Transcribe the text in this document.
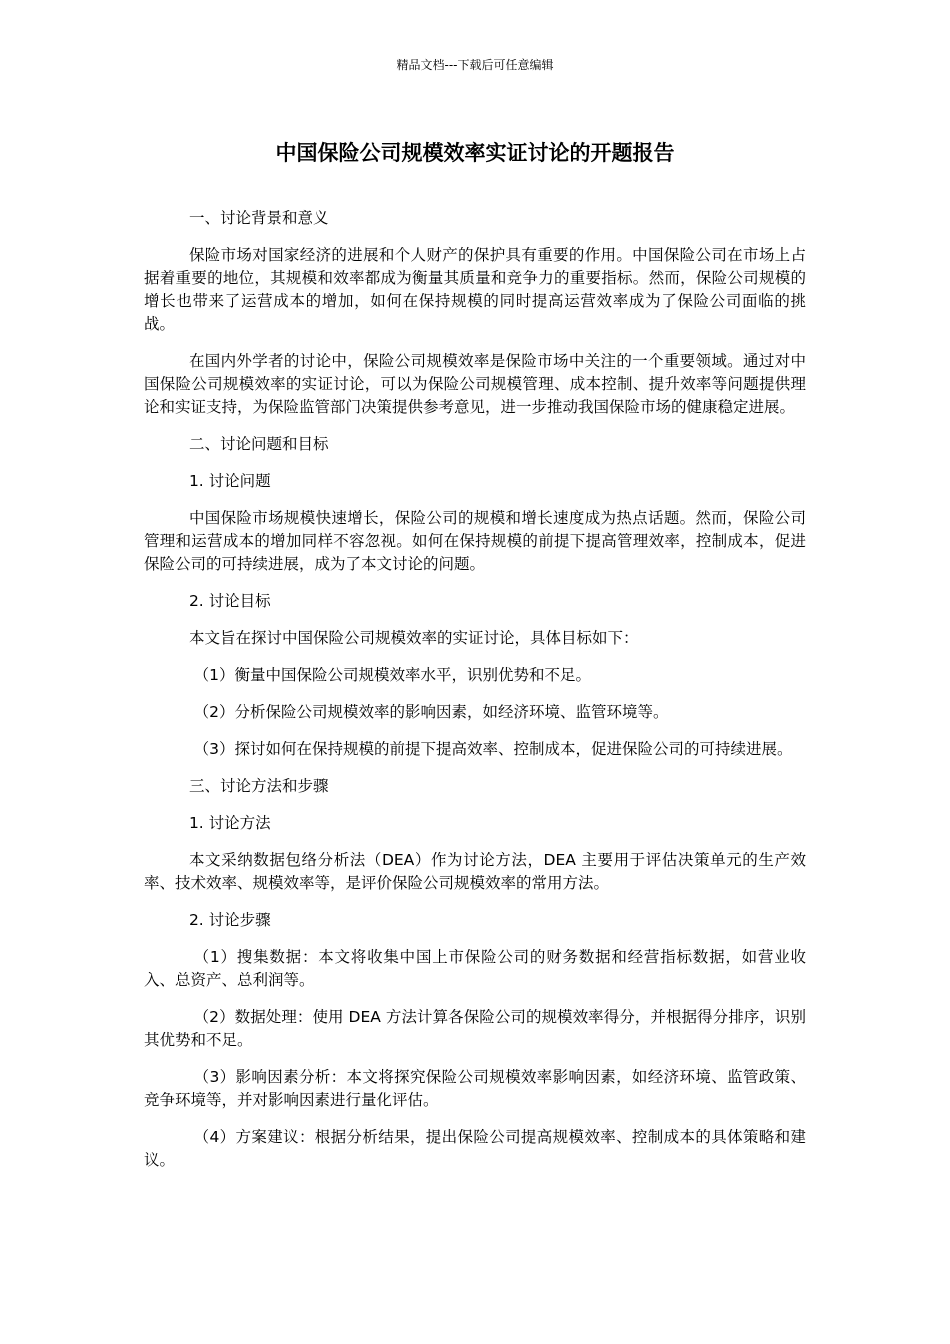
精品文档---下载后可任意编辑
中国保险公司规模效率实证讨论的开题报告

一、讨论背景和意义

保险市场对国家经济的进展和个人财产的保护具有重要的作用。中国保险公司在市场上占据着重要的地位，其规模和效率都成为衡量其质量和竞争力的重要指标。然而，保险公司规模的增长也带来了运营成本的增加，如何在保持规模的同时提高运营效率成为了保险公司面临的挑战。

在国内外学者的讨论中，保险公司规模效率是保险市场中关注的一个重要领域。通过对中国保险公司规模效率的实证讨论，可以为保险公司规模管理、成本控制、提升效率等问题提供理论和实证支持，为保险监管部门决策提供参考意见，进一步推动我国保险市场的健康稳定进展。

二、讨论问题和目标

1. 讨论问题

中国保险市场规模快速增长，保险公司的规模和增长速度成为热点话题。然而，保险公司管理和运营成本的增加同样不容忽视。如何在保持规模的前提下提高管理效率，控制成本，促进保险公司的可持续进展，成为了本文讨论的问题。

2. 讨论目标

本文旨在探讨中国保险公司规模效率的实证讨论，具体目标如下：

（1）衡量中国保险公司规模效率水平，识别优势和不足。

（2）分析保险公司规模效率的影响因素，如经济环境、监管环境等。

（3）探讨如何在保持规模的前提下提高效率、控制成本，促进保险公司的可持续进展。

三、讨论方法和步骤

1. 讨论方法

本文采纳数据包络分析法（DEA）作为讨论方法，DEA 主要用于评估决策单元的生产效率、技术效率、规模效率等，是评价保险公司规模效率的常用方法。

2. 讨论步骤

（1）搜集数据：本文将收集中国上市保险公司的财务数据和经营指标数据，如营业收入、总资产、总利润等。

（2）数据处理：使用 DEA 方法计算各保险公司的规模效率得分，并根据得分排序，识别其优势和不足。

（3）影响因素分析：本文将探究保险公司规模效率影响因素，如经济环境、监管政策、竞争环境等，并对影响因素进行量化评估。

（4）方案建议：根据分析结果，提出保险公司提高规模效率、控制成本的具体策略和建议。
